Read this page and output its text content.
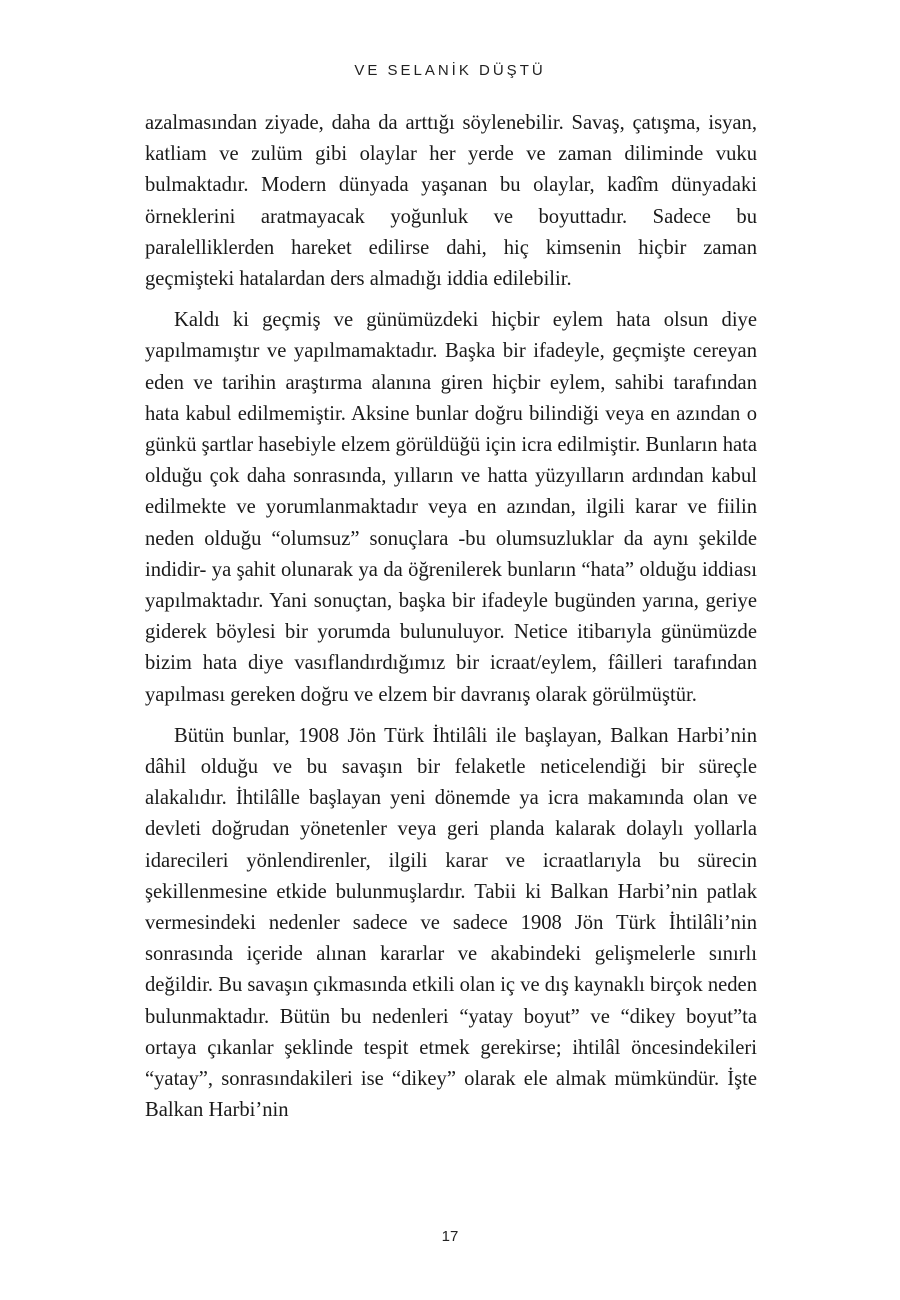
VE SELANİK DÜŞTÜ

azalmasından ziyade, daha da arttığı söylenebilir. Savaş, çatışma, isyan, katliam ve zulüm gibi olaylar her yerde ve zaman diliminde vuku bulmaktadır. Modern dünyada yaşanan bu olaylar, kadîm dünyadaki örneklerini aratmayacak yoğunluk ve boyuttadır. Sadece bu paralelliklerden hareket edilirse dahi, hiç kimsenin hiçbir zaman geçmişteki hatalardan ders almadığı iddia edilebilir.

Kaldı ki geçmiş ve günümüzdeki hiçbir eylem hata olsun diye yapılmamıştır ve yapılmamaktadır. Başka bir ifadeyle, geçmişte cereyan eden ve tarihin araştırma alanına giren hiçbir eylem, sahibi tarafından hata kabul edilmemiştir. Aksine bunlar doğru bilindiği veya en azından o günkü şartlar hasebiyle elzem görüldüğü için icra edilmiştir. Bunların hata olduğu çok daha sonrasında, yılların ve hatta yüzyılların ardından kabul edilmekte ve yorumlanmaktadır veya en azından, ilgili karar ve fiilin neden olduğu “olumsuz” sonuçlara -bu olumsuzluklar da aynı şekilde indidir- ya şahit olunarak ya da öğrenilerek bunların “hata” olduğu iddiası yapılmaktadır. Yani sonuçtan, başka bir ifadeyle bugünden yarına, geriye giderek böylesi bir yorumda bulunuluyor. Netice itibarıyla günümüzde bizim hata diye vasıflandırdığımız bir icraat/eylem, fâilleri tarafından yapılması gereken doğru ve elzem bir davranış olarak görülmüştür.

Bütün bunlar, 1908 Jön Türk İhtilâli ile başlayan, Balkan Harbi’nin dâhil olduğu ve bu savaşın bir felaketle neticelendiği bir süreçle alakalıdır. İhtilâlle başlayan yeni dönemde ya icra makamında olan ve devleti doğrudan yönetenler veya geri planda kalarak dolaylı yollarla idarecileri yönlendirenler, ilgili karar ve icraatlarıyla bu sürecin şekillenmesine etkide bulunmuşlardır. Tabii ki Balkan Harbi’nin patlak vermesindeki nedenler sadece ve sadece 1908 Jön Türk İhtilâli’nin sonrasında içeride alınan kararlar ve akabindeki gelişmelerle sınırlı değildir. Bu savaşın çıkmasında etkili olan iç ve dış kaynaklı birçok neden bulunmaktadır. Bütün bu nedenleri “yatay boyut” ve “dikey boyut”ta ortaya çıkanlar şeklinde tespit etmek gerekirse; ihtilâl öncesindekileri “yatay”, sonrasındakileri ise “dikey” olarak ele almak mümkündür. İşte Balkan Harbi’nin

17
